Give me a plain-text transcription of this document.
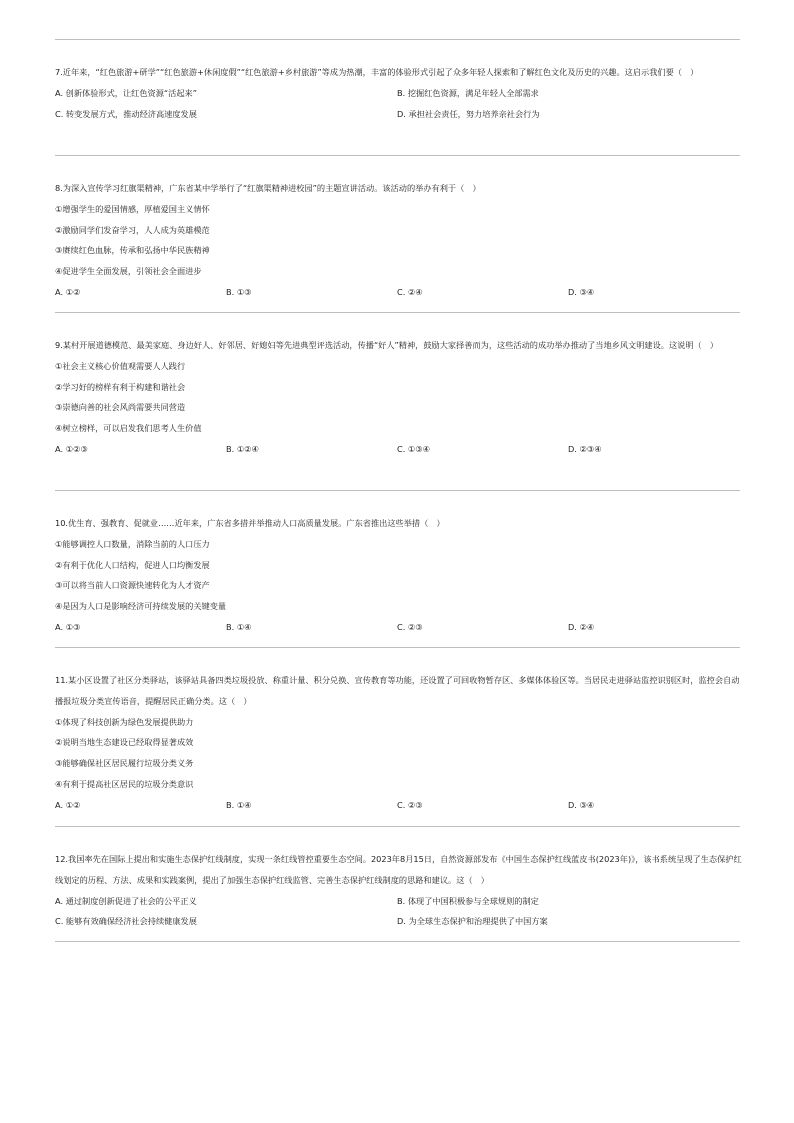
7.近年来，“红色旅游+研学”“红色旅游+休闲度假”“红色旅游+乡村旅游”等成为热潮，丰富的体验形式引起了众多年轻人探索和了解红色文化及历史的兴趣。这启示我们要（　）
A. 创新体验形式，让红色资源“活起来”	B. 挖掘红色资源，满足年轻人全部需求
C. 转变发展方式，推动经济高速度发展	D. 承担社会责任，努力培养亲社会行为
8.为深入宣传学习红旗渠精神，广东省某中学举行了“红旗渠精神进校园”的主题宣讲活动。该活动的举办有利于（　）
①增强学生的爱国情感，厚植爱国主义情怀
②激励同学们发奋学习，人人成为英雄模范
③赓续红色血脉，传承和弘扬中华民族精神
④促进学生全面发展，引领社会全面进步
A. ①②	B. ①③	C. ②④	D. ③④
9.某村开展道德模范、最美家庭、身边好人、好邻居、好媳妇等先进典型评选活动，传播“好人”精神，鼓励大家择善而为，这些活动的成功举办推动了当地乡风文明建设。这说明（　）
①社会主义核心价值观需要人人践行
②学习好的榜样有利于构建和谐社会
③崇德向善的社会风尚需要共同营造
④树立榜样，可以启发我们思考人生价值
A. ①②③	B. ①②④	C. ①③④	D. ②③④
10.优生育、强教育、促就业……近年来，广东省多措并举推动人口高质量发展。广东省推出这些举措（　）
①能够调控人口数量，消除当前的人口压力
②有利于优化人口结构，促进人口均衡发展
③可以将当前人口资源快速转化为人才资产
④是因为人口是影响经济可持续发展的关键变量
A. ①③	B. ①④	C. ②③	D. ②④
11.某小区设置了社区分类驿站，该驿站具备四类垃圾投放、称重计量、积分兑换、宣传教育等功能，还设置了可回收物暂存区、多媒体体验区等。当居民走进驿站监控识别区时，监控会自动播报垃圾分类宣传语音，提醒居民正确分类。这（　）
①体现了科技创新为绿色发展提供助力
②说明当地生态建设已经取得显著成效
③能够确保社区居民履行垃圾分类义务
④有利于提高社区居民的垃圾分类意识
A. ①②	B. ①④	C. ②③	D. ③④
12.我国率先在国际上提出和实施生态保护红线制度，实现一条红线管控重要生态空间。2023年8月15日，自然资源部发布《中国生态保护红线蓝皮书(2023年)》，该书系统呈现了生态保护红线划定的历程、方法、成果和实践案例，提出了加强生态保护红线监管、完善生态保护红线制度的思路和建议。这（　）
A. 通过制度创新促进了社会的公平正义	B. 体现了中国积极参与全球规则的制定
C. 能够有效确保经济社会持续健康发展	D. 为全球生态保护和治理提供了中国方案
